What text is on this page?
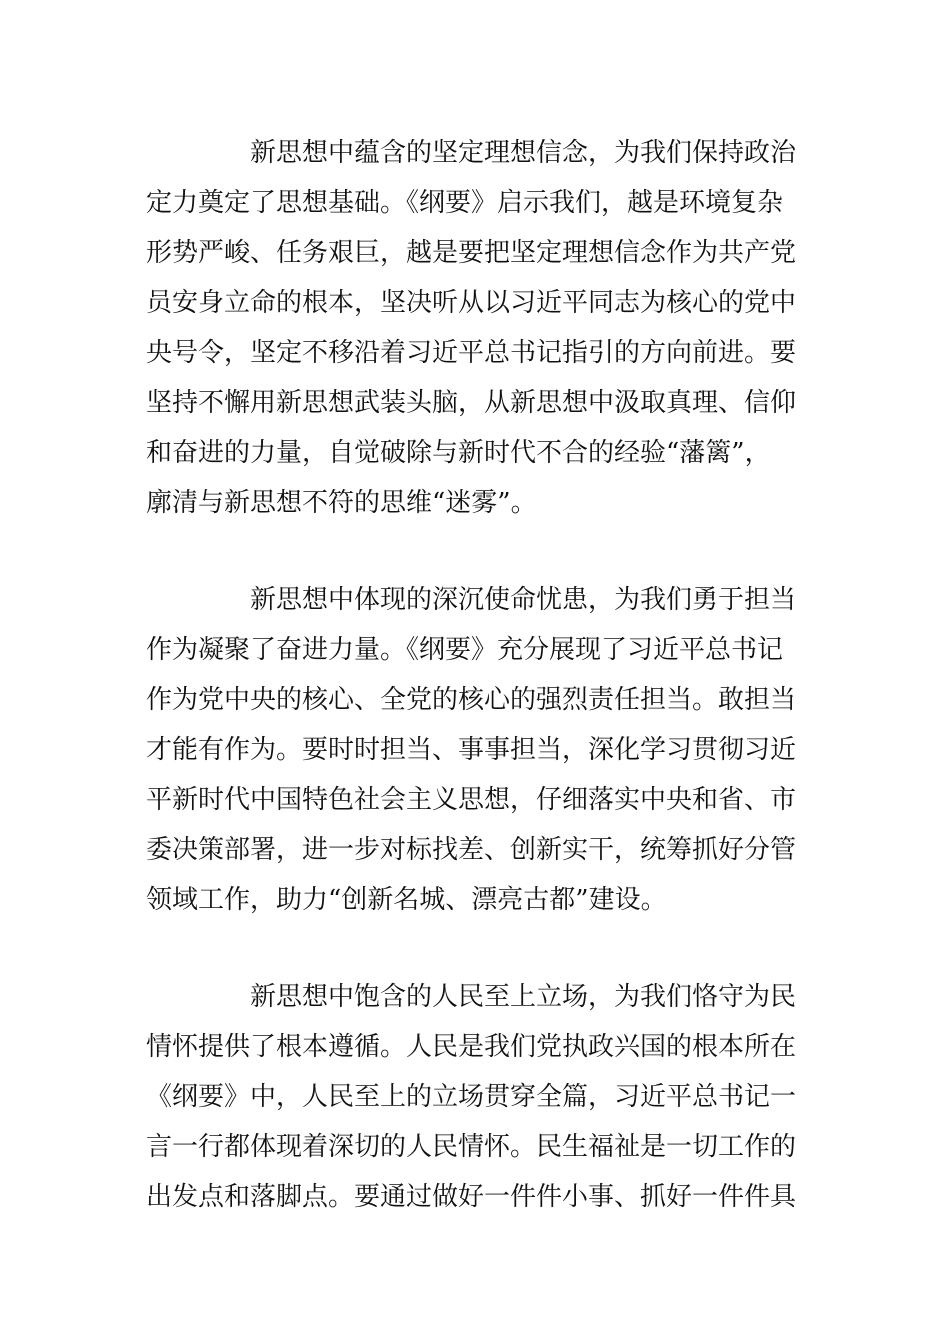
新思想中蕴含的坚定理想信念，为我们保持政治
定力奠定了思想基础。《纲要》启示我们，越是环境复杂
形势严峻、任务艰巨，越是要把坚定理想信念作为共产党
员安身立命的根本，坚决听从以习近平同志为核心的党中
央号令，坚定不移沿着习近平总书记指引的方向前进。要
坚持不懈用新思想武装头脑，从新思想中汲取真理、信仰
和奋进的力量，自觉破除与新时代不合的经验“藩篱”，
廓清与新思想不符的思维“迷雾”。

新思想中体现的深沉使命忧患，为我们勇于担当
作为凝聚了奋进力量。《纲要》充分展现了习近平总书记
作为党中央的核心、全党的核心的强烈责任担当。敢担当
才能有作为。要时时担当、事事担当，深化学习贯彻习近
平新时代中国特色社会主义思想，仔细落实中央和省、市
委决策部署，进一步对标找差、创新实干，统筹抓好分管
领域工作，助力“创新名城、漂亮古都”建设。

新思想中饱含的人民至上立场，为我们恪守为民
情怀提供了根本遵循。人民是我们党执政兴国的根本所在
《纲要》中，人民至上的立场贯穿全篇，习近平总书记一
言一行都体现着深切的人民情怀。民生福祉是一切工作的
出发点和落脚点。要通过做好一件件小事、抓好一件件具
